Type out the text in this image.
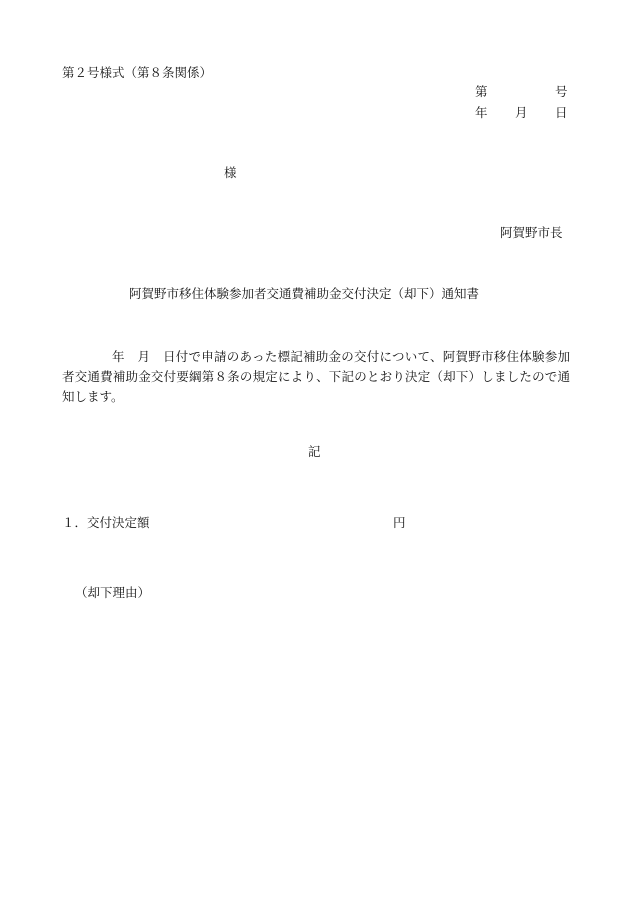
第２号様式（第８条関係）
第	号
年 月 日
様
阿賀野市長
阿賀野市移住体験参加者交通費補助金交付決定（却下）通知書
年　月　日付で申請のあった標記補助金の交付について、阿賀野市移住体験参加者交通費補助金交付要綱第８条の規定により、下記のとおり決定（却下）しましたので通知します。
記
１．交付決定額	円
（却下理由）
